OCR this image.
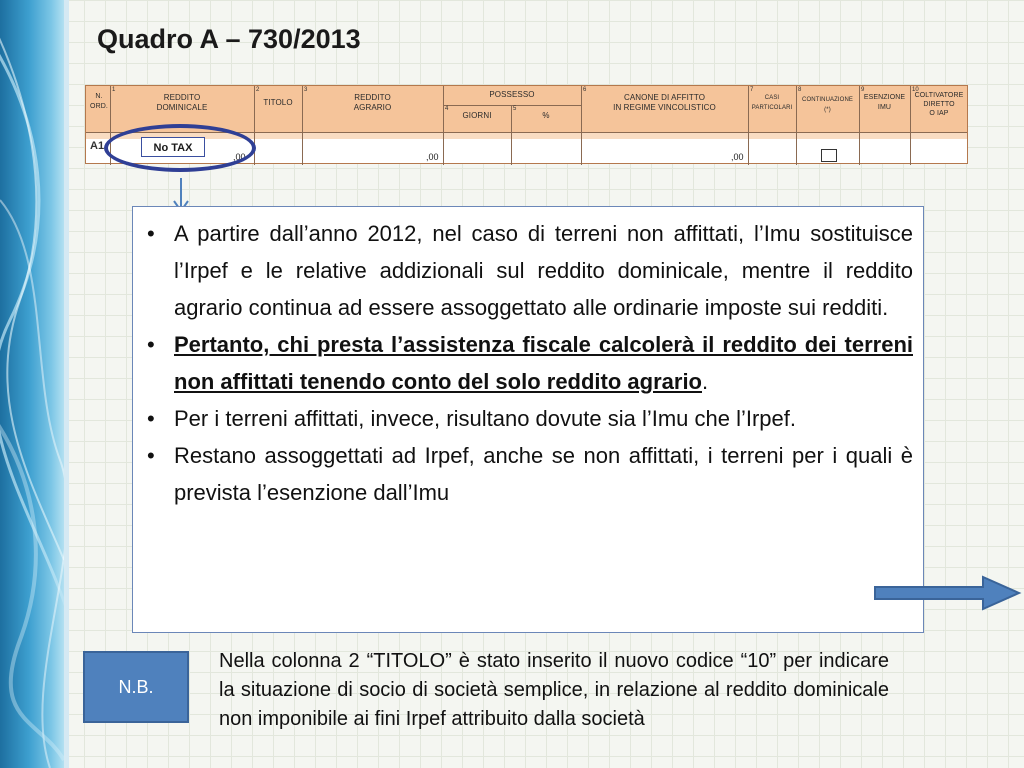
Quadro A – 730/2013
N.
ORD.
1
REDDITO
DOMINICALE
2
TITOLO
3
REDDITO
AGRARIO
POSSESSO
4
GIORNI
5
%
6
CANONE DI AFFITTO
IN REGIME VINCOLISTICO
7
CASI
PARTICOLARI
8
CONTINUAZIONE
(*)
9
ESENZIONE
IMU
10
COLTIVATORE
DIRETTO
O IAP
A1
,00	,00	,00
No TAX
• A partire dall’anno 2012, nel caso di terreni non affittati, l’Imu sostituisce l’Irpef e le relative addizionali sul reddito dominicale, mentre il reddito agrario continua ad essere assoggettato alle ordinarie imposte sui redditi.
• Pertanto, chi presta l’assistenza fiscale calcolerà il reddito dei terreni non affittati tenendo conto del solo reddito agrario.
• Per i terreni affittati, invece, risultano dovute sia l’Imu che l’Irpef.
• Restano assoggettati ad Irpef, anche se non affittati, i terreni per i quali è prevista l’esenzione dall’Imu
N.B.
Nella colonna 2 “TITOLO” è stato inserito il nuovo codice “10” per indicare la situazione di socio di società semplice, in relazione al reddito dominicale non imponibile ai fini Irpef attribuito dalla società
